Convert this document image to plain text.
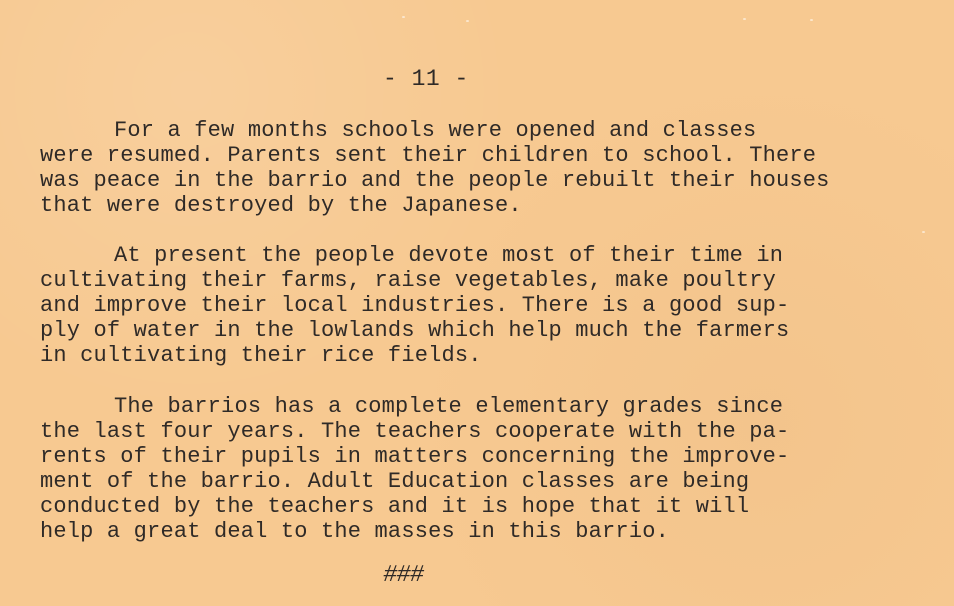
- 11 -
For a few months schools were opened and classes
were resumed. Parents sent their children to school. There
was peace in the barrio and the people rebuilt their houses
that were destroyed by the Japanese.
At present the people devote most of their time in
cultivating their farms, raise vegetables, make poultry
and improve their local industries. There is a good sup-
ply of water in the lowlands which help much the farmers
in cultivating their rice fields.
The barrios has a complete elementary grades since
the last four years. The teachers cooperate with the pa-
rents of their pupils in matters concerning the improve-
ment of the barrio. Adult Education classes are being
conducted by the teachers and it is hope that it will
help a great deal to the masses in this barrio.
###
